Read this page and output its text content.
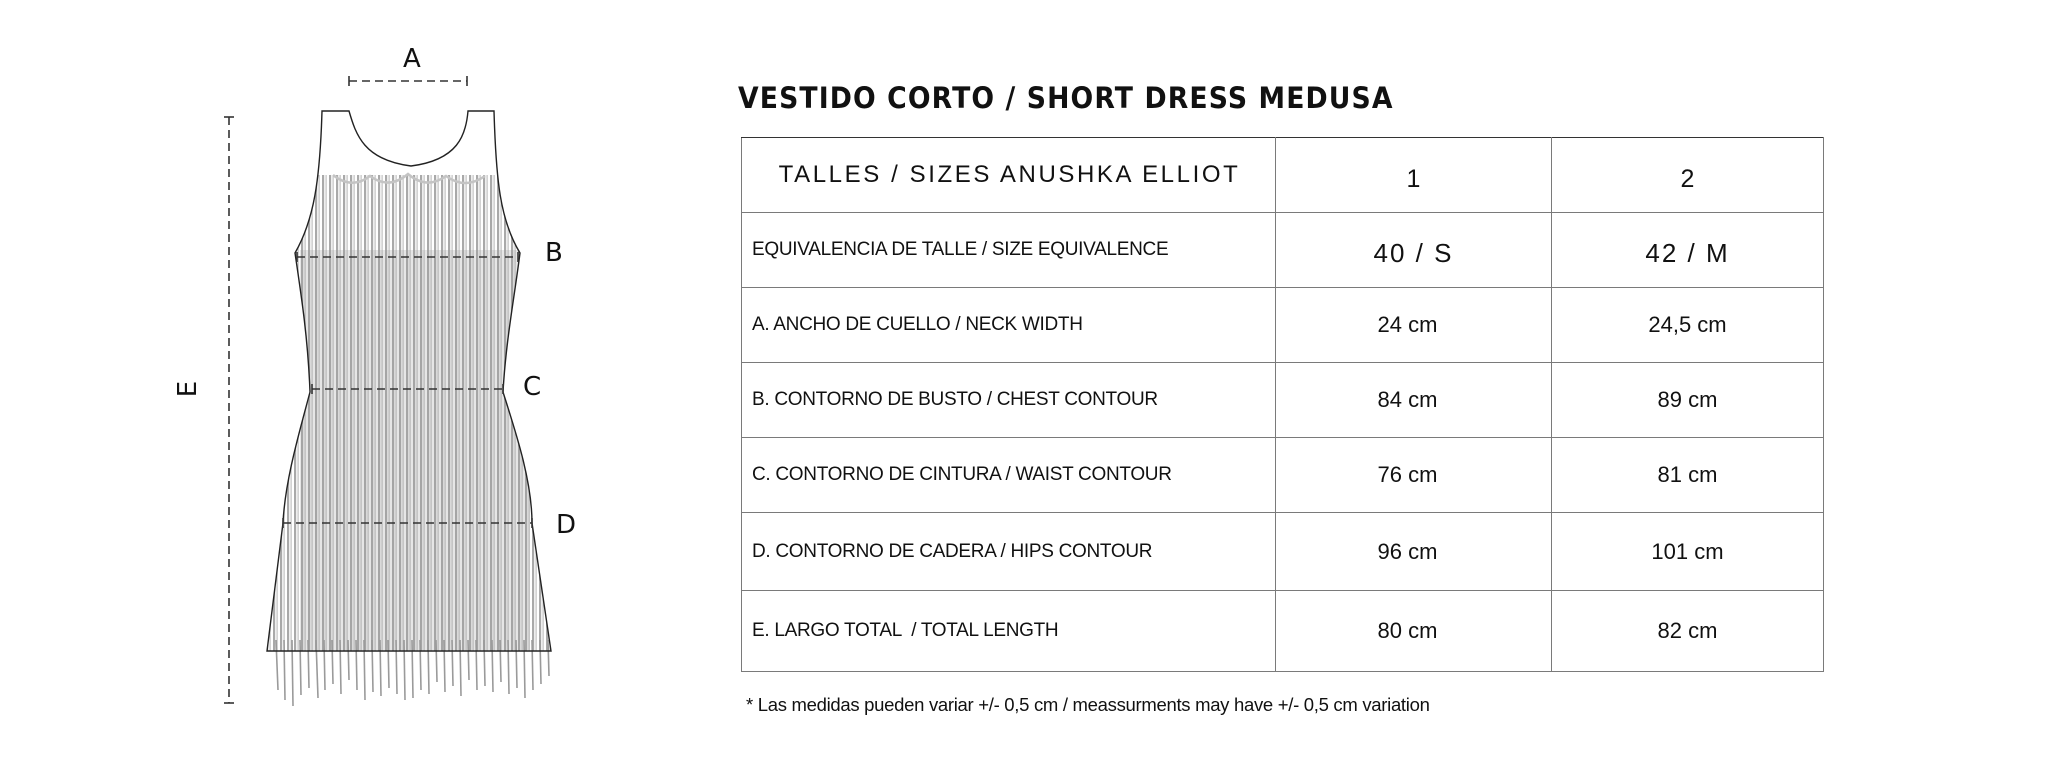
A
B
C
D
E
VESTIDO CORTO / SHORT DRESS MEDUSA
TALLES / SIZES ANUSHKA ELLIOT	1	2
EQUIVALENCIA DE TALLE / SIZE EQUIVALENCE	40 / S	42 / M
A. ANCHO DE CUELLO / NECK WIDTH	24 cm	24,5 cm
B. CONTORNO DE BUSTO / CHEST CONTOUR	84 cm	89 cm
C. CONTORNO DE CINTURA / WAIST CONTOUR	76 cm	81 cm
D. CONTORNO DE CADERA / HIPS CONTOUR	96 cm	101 cm
E. LARGO TOTAL  / TOTAL LENGTH	80 cm	82 cm
* Las medidas pueden variar +/- 0,5 cm / meassurments may have +/- 0,5 cm variation
